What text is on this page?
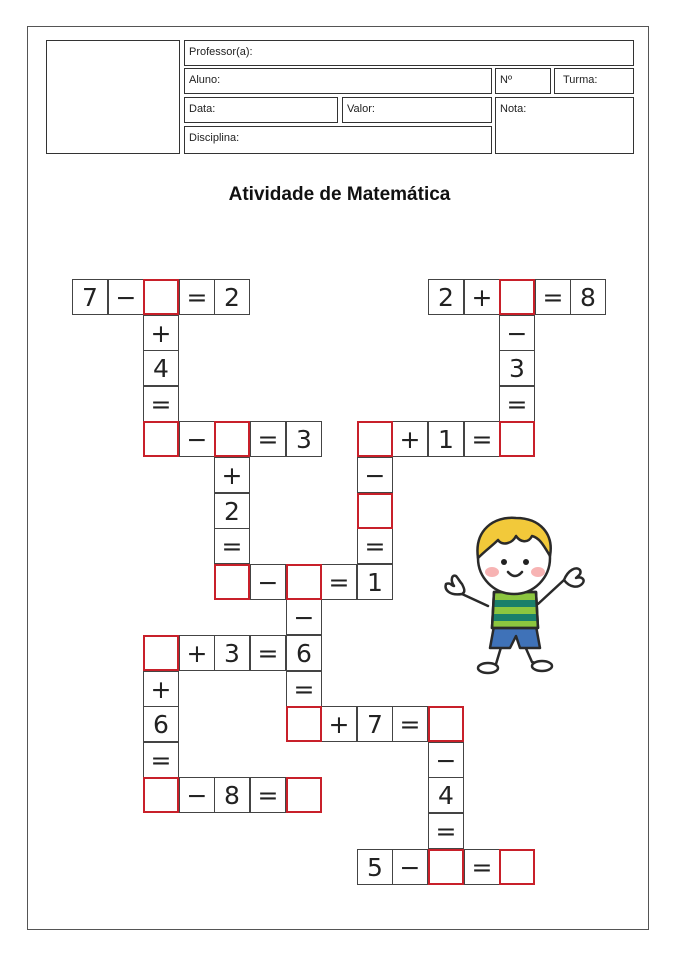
Professor(a):
Aluno:	Nº	Turma:
Data:	Valor:	Nota:
Disciplina:
Atividade de Matemática
7 −	= 2
+
4
=
−	= 3
+
2
=
−	= 1
2 +	= 8
−
3
=
+ 1 =
−
=
−
+ 3 = 6
=
+
6
=
− 8 =
+ 7 =
−
4
=
5 −	=
